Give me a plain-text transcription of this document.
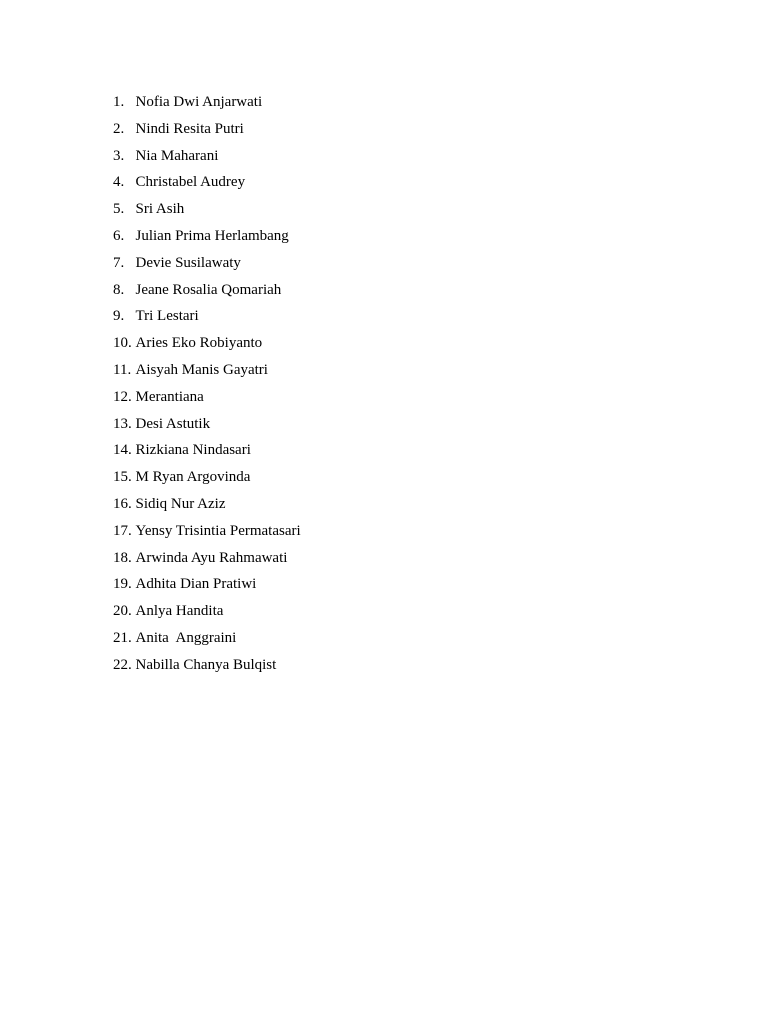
1. Nofia Dwi Anjarwati
2. Nindi Resita Putri
3. Nia Maharani
4. Christabel Audrey
5. Sri Asih
6. Julian Prima Herlambang
7. Devie Susilawaty
8. Jeane Rosalia Qomariah
9. Tri Lestari
10. Aries Eko Robiyanto
11. Aisyah Manis Gayatri
12. Merantiana
13. Desi Astutik
14. Rizkiana Nindasari
15. M Ryan Argovinda
16. Sidiq Nur Aziz
17. Yensy Trisintia Permatasari
18. Arwinda Ayu Rahmawati
19. Adhita Dian Pratiwi
20. Anlya Handita
21. Anita  Anggraini
22. Nabilla Chanya Bulqist
